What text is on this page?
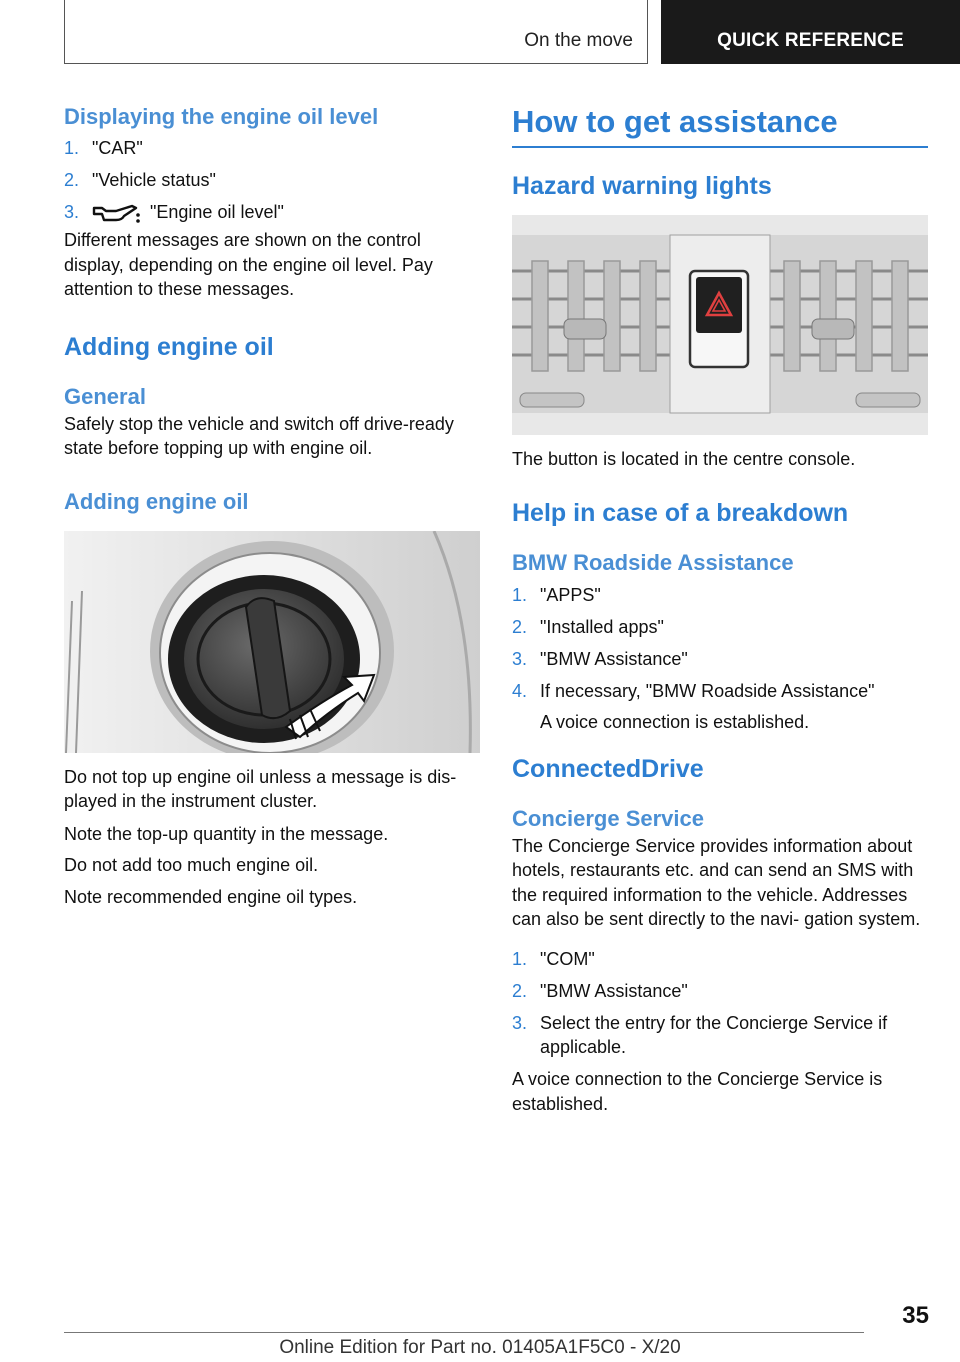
On the move	QUICK REFERENCE
Displaying the engine oil level
1. "CAR"
2. "Vehicle status"
3.	"Engine oil level"

Different messages are shown on the control display, depending on the engine oil level. Pay attention to these messages.

Adding engine oil
General

Safely stop the vehicle and switch off drive-ready state before topping up with engine oil.

Adding engine oil

Do not top up engine oil unless a message is dis‐ played in the instrument cluster.

Note the top-up quantity in the message.

Do not add too much engine oil.

Note recommended engine oil types.

How to get assistance
Hazard warning lights

The button is located in the centre console.

Help in case of a breakdown
BMW Roadside Assistance
1. "APPS"
2. "Installed apps"
3. "BMW Assistance"
4. If necessary, "BMW Roadside Assistance"
A voice connection is established.
ConnectedDrive
Concierge Service

The Concierge Service provides information about hotels, restaurants etc. and can send an SMS with the required information to the vehicle. Addresses can also be sent directly to the navi‐ gation system.

1. "COM"
2. "BMW Assistance"
3. Select the entry for the Concierge Service if applicable.

A voice connection to the Concierge Service is established.

35
Online Edition for Part no. 01405A1F5C0 - X/20
